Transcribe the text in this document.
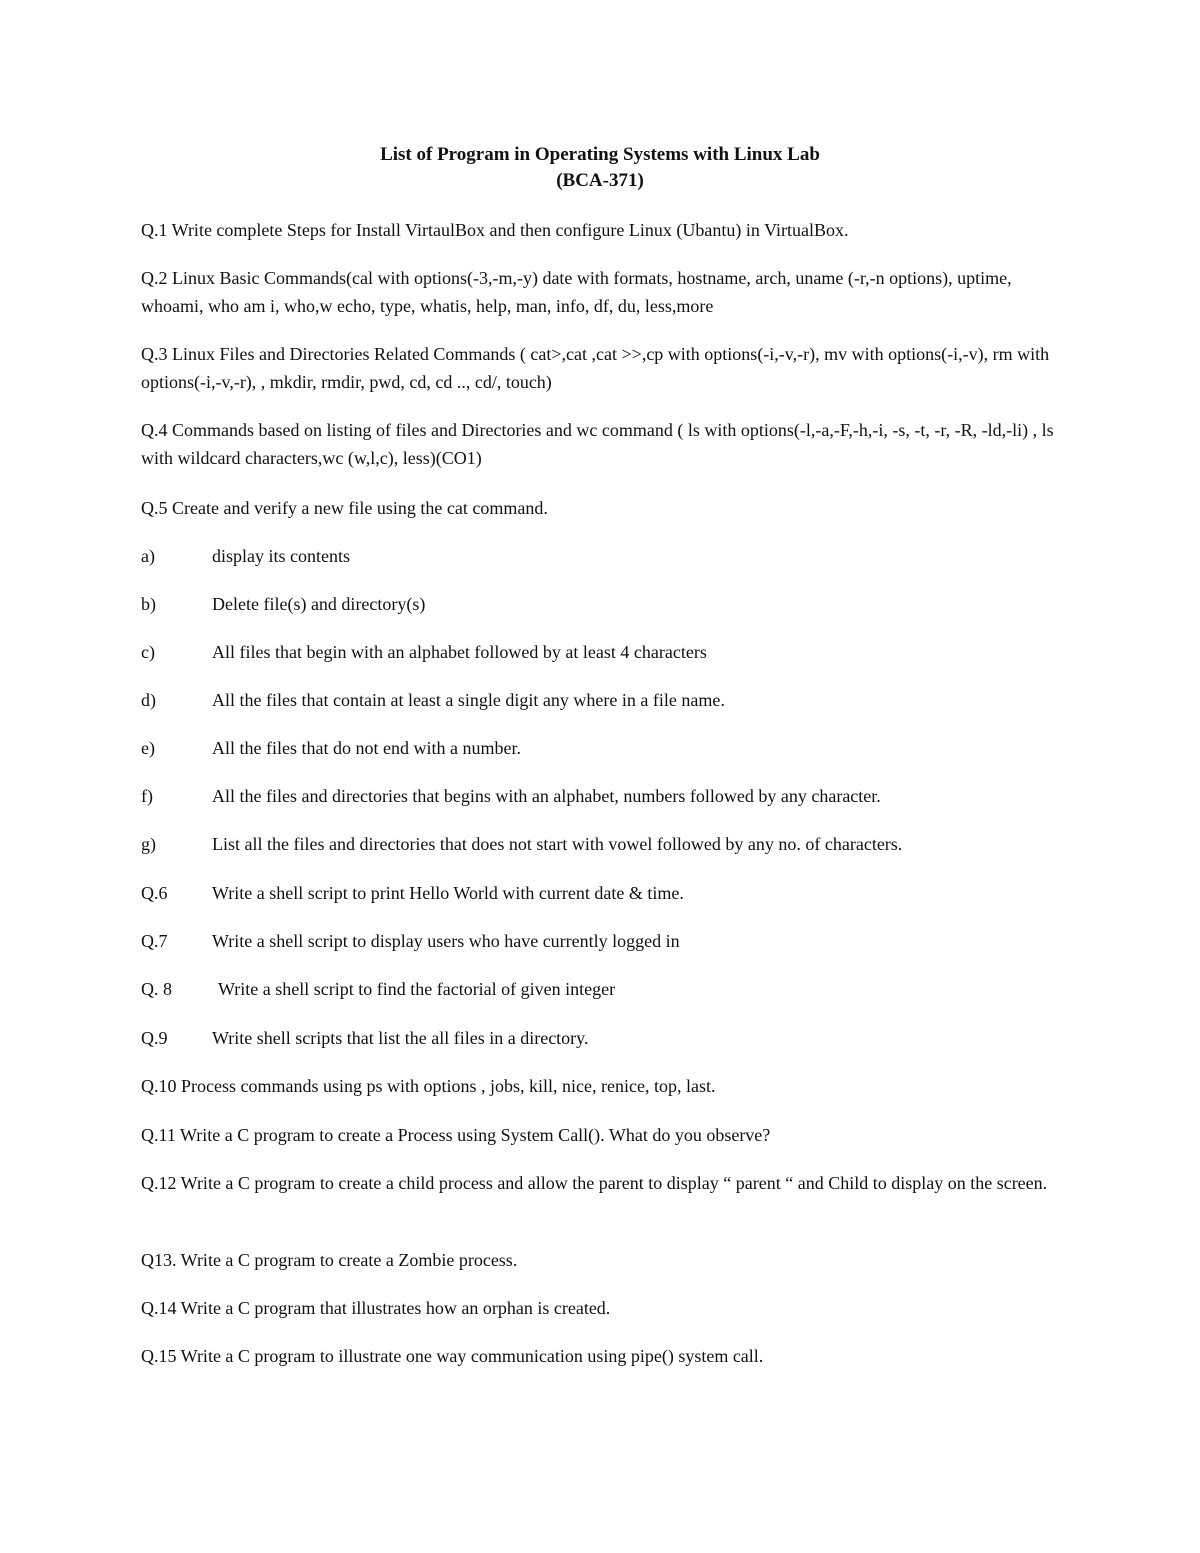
List of Program in Operating Systems with Linux Lab

(BCA-371)

Q.1 Write complete Steps for Install VirtaulBox and then configure Linux (Ubantu) in VirtualBox.

Q.2 Linux Basic Commands(cal with options(-3,-m,-y) date with formats, hostname, arch, uname (-r,-n options), uptime, whoami, who am i, who,w echo, type, whatis, help, man, info, df, du, less,more

Q.3 Linux Files and Directories Related Commands ( cat>,cat ,cat >>,cp with options(-i,-v,-r), mv with options(-i,-v), rm with options(-i,-v,-r), , mkdir, rmdir, pwd, cd, cd .., cd/, touch)

Q.4 Commands based on listing of files and Directories and wc command ( ls with options(-l,-a,-F,-h,-i, -s, -t, -r, -R, -ld,-li) , ls with wildcard characters,wc (w,l,c), less)(CO1)

Q.5 Create and verify a new file using the cat command.

a)	display its contents
b)	Delete file(s) and directory(s)
c)	All files that begin with an alphabet followed by at least 4 characters
d)	All the files that contain at least a single digit any where in a file name.
e)	All the files that do not end with a number.
f)	All the files and directories that begins with an alphabet, numbers followed by any character.
g)	List all the files and directories that does not start with vowel followed by any no. of characters.
Q.6 Write a shell script to print Hello World with current date & time.
Q.7 Write a shell script to display users who have currently logged in
Q. 8	Write a shell script to find the factorial of given integer
Q.9 Write shell scripts that list the all files in a directory.

Q.10 Process commands using ps with options , jobs, kill, nice, renice, top, last.

Q.11 Write a C program to create a Process using System Call(). What do you observe?

Q.12 Write a C program to create a child process and allow the parent to display “ parent “ and Child to display on the screen.

Q13. Write a C program to create a Zombie process.

Q.14 Write a C program that illustrates how an orphan is created.

Q.15 Write a C program to illustrate one way communication using pipe() system call.
